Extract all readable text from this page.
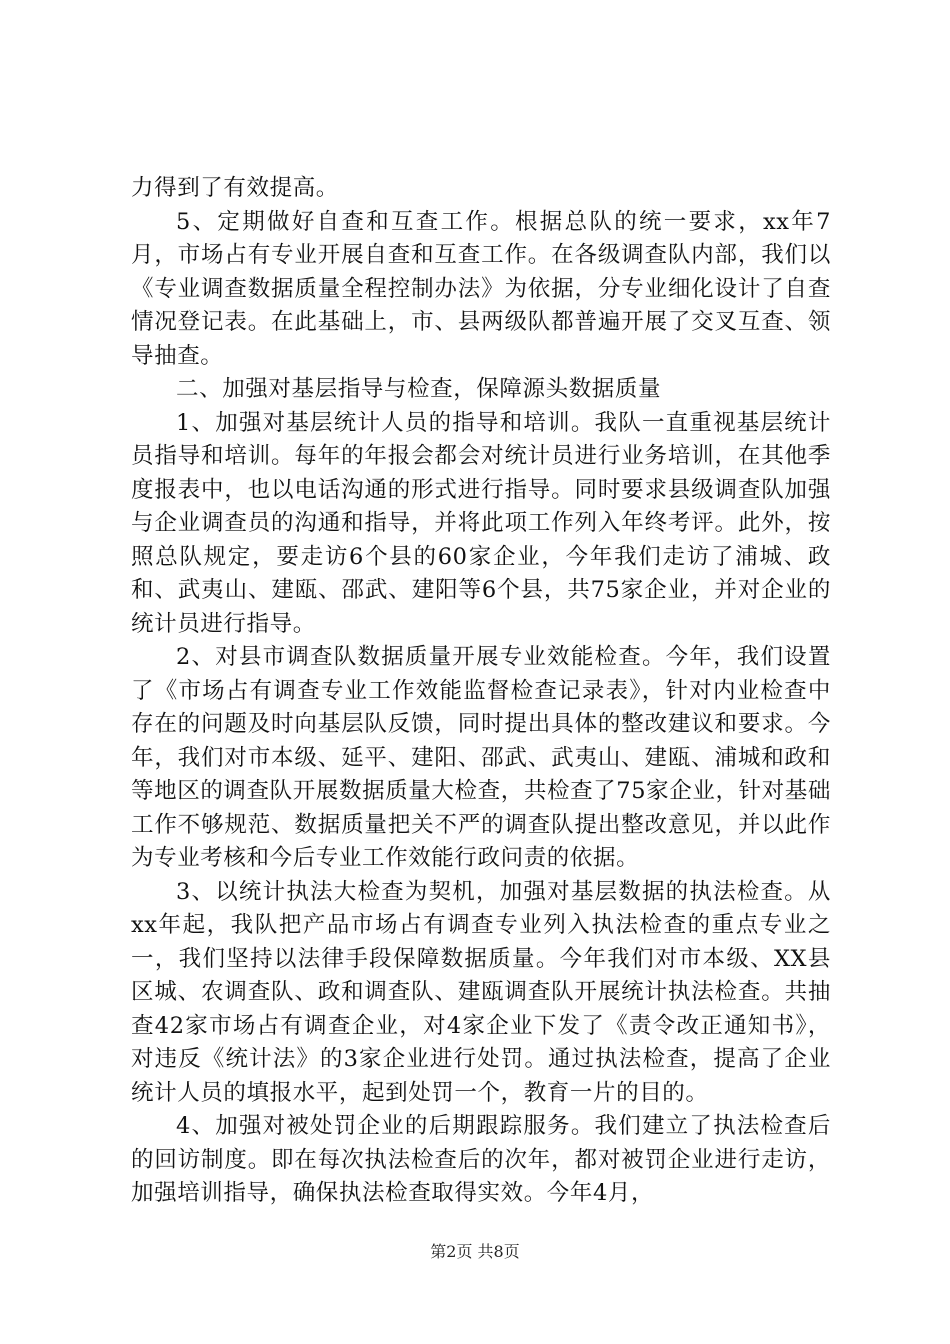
力得到了有效提高。

5、定期做好自查和互查工作。根据总队的统一要求，xx年7月，市场占有专业开展自查和互查工作。在各级调查队内部，我们以《专业调查数据质量全程控制办法》为依据，分专业细化设计了自查情况登记表。在此基础上，市、县两级队都普遍开展了交叉互查、领导抽查。

二、加强对基层指导与检查，保障源头数据质量

1、加强对基层统计人员的指导和培训。我队一直重视基层统计员指导和培训。每年的年报会都会对统计员进行业务培训，在其他季度报表中，也以电话沟通的形式进行指导。同时要求县级调查队加强与企业调查员的沟通和指导，并将此项工作列入年终考评。此外，按照总队规定，要走访6个县的60家企业，今年我们走访了浦城、政和、武夷山、建瓯、邵武、建阳等6个县，共75家企业，并对企业的统计员进行指导。

2、对县市调查队数据质量开展专业效能检查。今年，我们设置了《市场占有调查专业工作效能监督检查记录表》，针对内业检查中存在的问题及时向基层队反馈，同时提出具体的整改建议和要求。今年，我们对市本级、延平、建阳、邵武、武夷山、建瓯、浦城和政和等地区的调查队开展数据质量大检查，共检查了75家企业，针对基础工作不够规范、数据质量把关不严的调查队提出整改意见，并以此作为专业考核和今后专业工作效能行政问责的依据。

3、以统计执法大检查为契机，加强对基层数据的执法检查。从xx年起，我队把产品市场占有调查专业列入执法检查的重点专业之一，我们坚持以法律手段保障数据质量。今年我们对市本级、XX县区城、农调查队、政和调查队、建瓯调查队开展统计执法检查。共抽查42家市场占有调查企业，对4家企业下发了《责令改正通知书》，对违反《统计法》的3家企业进行处罚。通过执法检查，提高了企业统计人员的填报水平，起到处罚一个，教育一片的目的。

4、加强对被处罚企业的后期跟踪服务。我们建立了执法检查后的回访制度。即在每次执法检查后的次年，都对被罚企业进行走访，加强培训指导，确保执法检查取得实效。今年4月，

第2页 共8页
